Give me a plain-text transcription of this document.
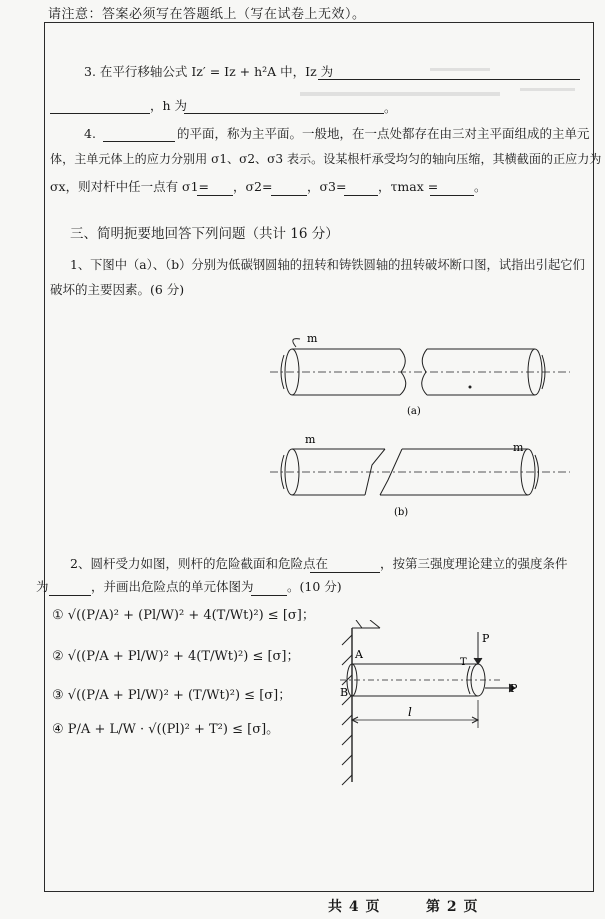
请注意：答案必须写在答题纸上（写在试卷上无效）。
3. 在平行移轴公式 Iz′ = Iz + h²A 中，Iz 为
，h 为	。
4.	的平面，称为主平面。一般地，在一点处都存在由三对主平面组成的主单元
体，主单元体上的应力分别用 σ1、σ2、σ3 表示。设某根杆承受均匀的轴向压缩，其横截面的正应力为
σx，则对杆中任一点有 σ1= ，σ2=	，σ3=	，τmax =	。
三、简明扼要地回答下列问题（共计 16 分）
1、下图中（a）、（b）分别为低碳钢圆轴的扭转和铸铁圆轴的扭转破坏断口图，试指出引起它们
破坏的主要因素。(6 分)
m
(a)
m
m
(b)
2、圆杆受力如图，则杆的危险截面和危险点在	，按第三强度理论建立的强度条件
为	，并画出危险点的单元体图为	。(10 分)
① √((P/A)² + (Pl/W)² + 4(T/Wt)²) ≤ [σ]；
② √((P/A + Pl/W)² + 4(T/Wt)²) ≤ [σ]；
③ √((P/A + Pl/W)² + (T/Wt)²) ≤ [σ]；
④ P/A + L/W · √((Pl)² + T²) ≤ [σ]。
A
B
P
P
T
l
共 4 页	第 2 页
